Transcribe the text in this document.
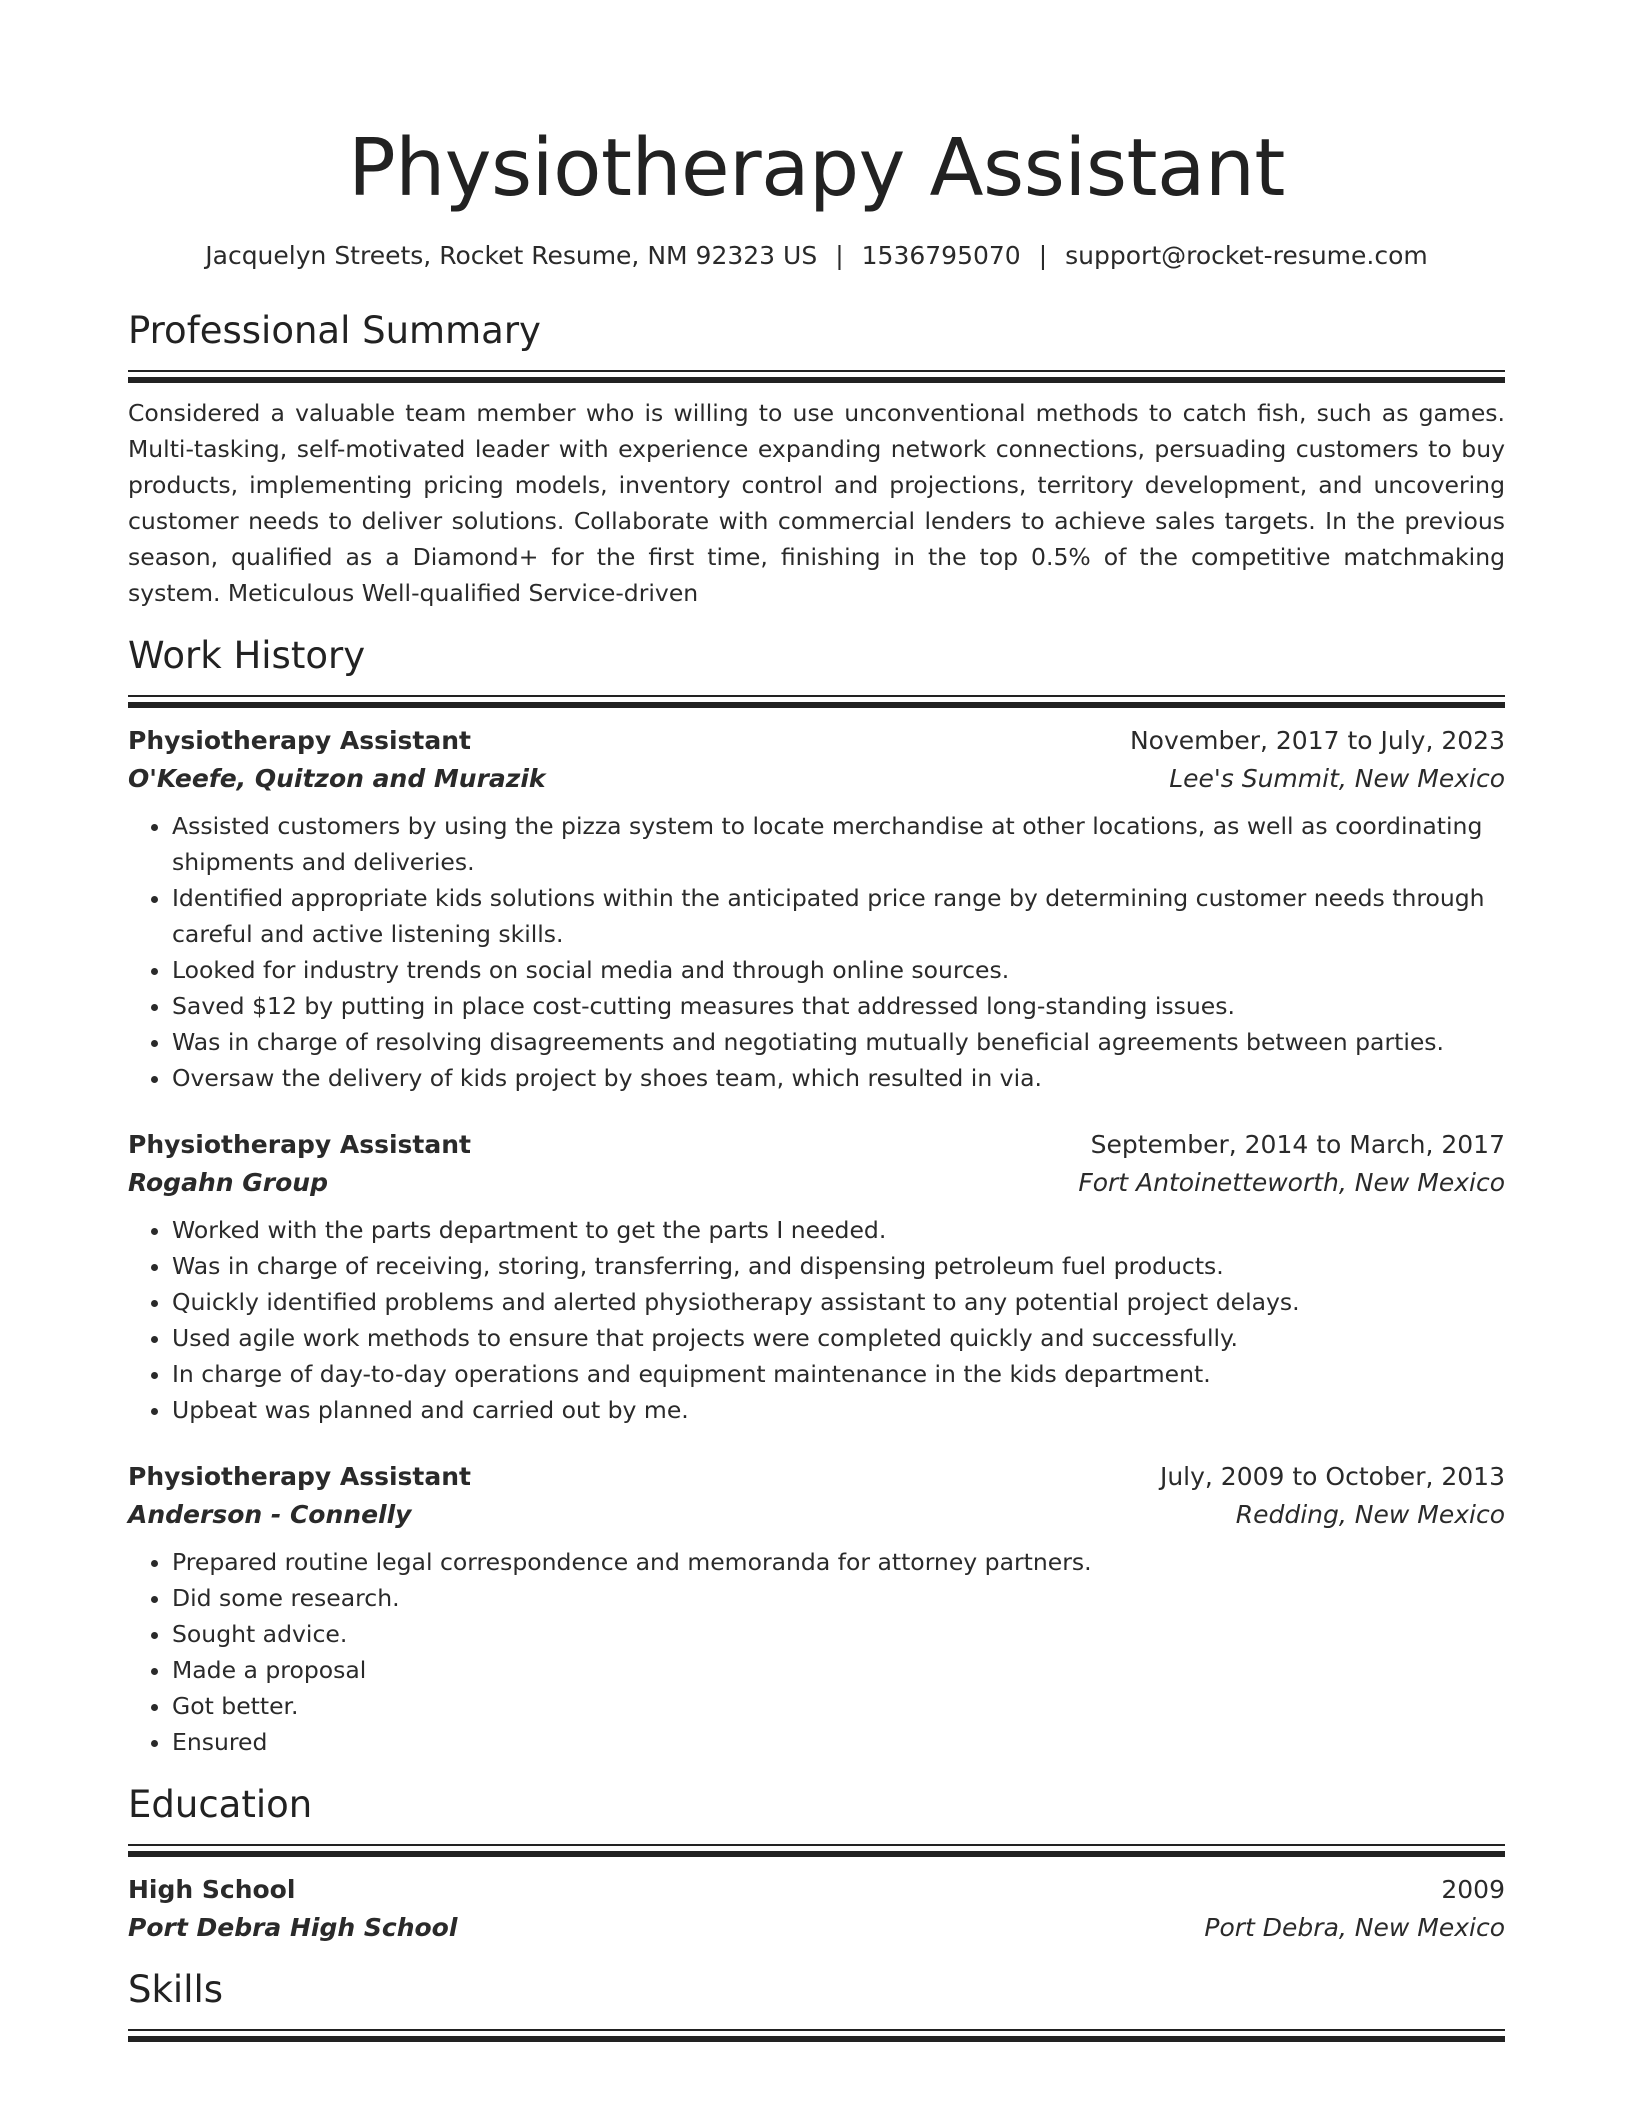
Physiotherapy Assistant
Jacquelyn Streets, Rocket Resume, NM 92323 US | 1536795070 | support@rocket-resume.com
Professional Summary
Considered a valuable team member who is willing to use unconventional methods to catch fish, such as games. Multi-tasking, self-motivated leader with experience expanding network connections, persuading customers to buy products, implementing pricing models, inventory control and projections, territory development, and uncovering customer needs to deliver solutions. Collaborate with commercial lenders to achieve sales targets. In the previous season, qualified as a Diamond+ for the first time, finishing in the top 0.5% of the competitive matchmaking system. Meticulous Well-qualified Service-driven
Work History
Physiotherapy Assistant	November, 2017 to July, 2023
O'Keefe, Quitzon and Murazik	Lee's Summit, New Mexico
• Assisted customers by using the pizza system to locate merchandise at other locations, as well as coordinating shipments and deliveries.
• Identified appropriate kids solutions within the anticipated price range by determining customer needs through careful and active listening skills.
• Looked for industry trends on social media and through online sources.
• Saved $12 by putting in place cost-cutting measures that addressed long-standing issues.
• Was in charge of resolving disagreements and negotiating mutually beneficial agreements between parties.
• Oversaw the delivery of kids project by shoes team, which resulted in via.
Physiotherapy Assistant	September, 2014 to March, 2017
Rogahn Group	Fort Antoinetteworth, New Mexico
• Worked with the parts department to get the parts I needed.
• Was in charge of receiving, storing, transferring, and dispensing petroleum fuel products.
• Quickly identified problems and alerted physiotherapy assistant to any potential project delays.
• Used agile work methods to ensure that projects were completed quickly and successfully.
• In charge of day-to-day operations and equipment maintenance in the kids department.
• Upbeat was planned and carried out by me.
Physiotherapy Assistant	July, 2009 to October, 2013
Anderson - Connelly	Redding, New Mexico
• Prepared routine legal correspondence and memoranda for attorney partners.
• Did some research.
• Sought advice.
• Made a proposal
• Got better.
• Ensured
Education
High School	2009
Port Debra High School	Port Debra, New Mexico
Skills
